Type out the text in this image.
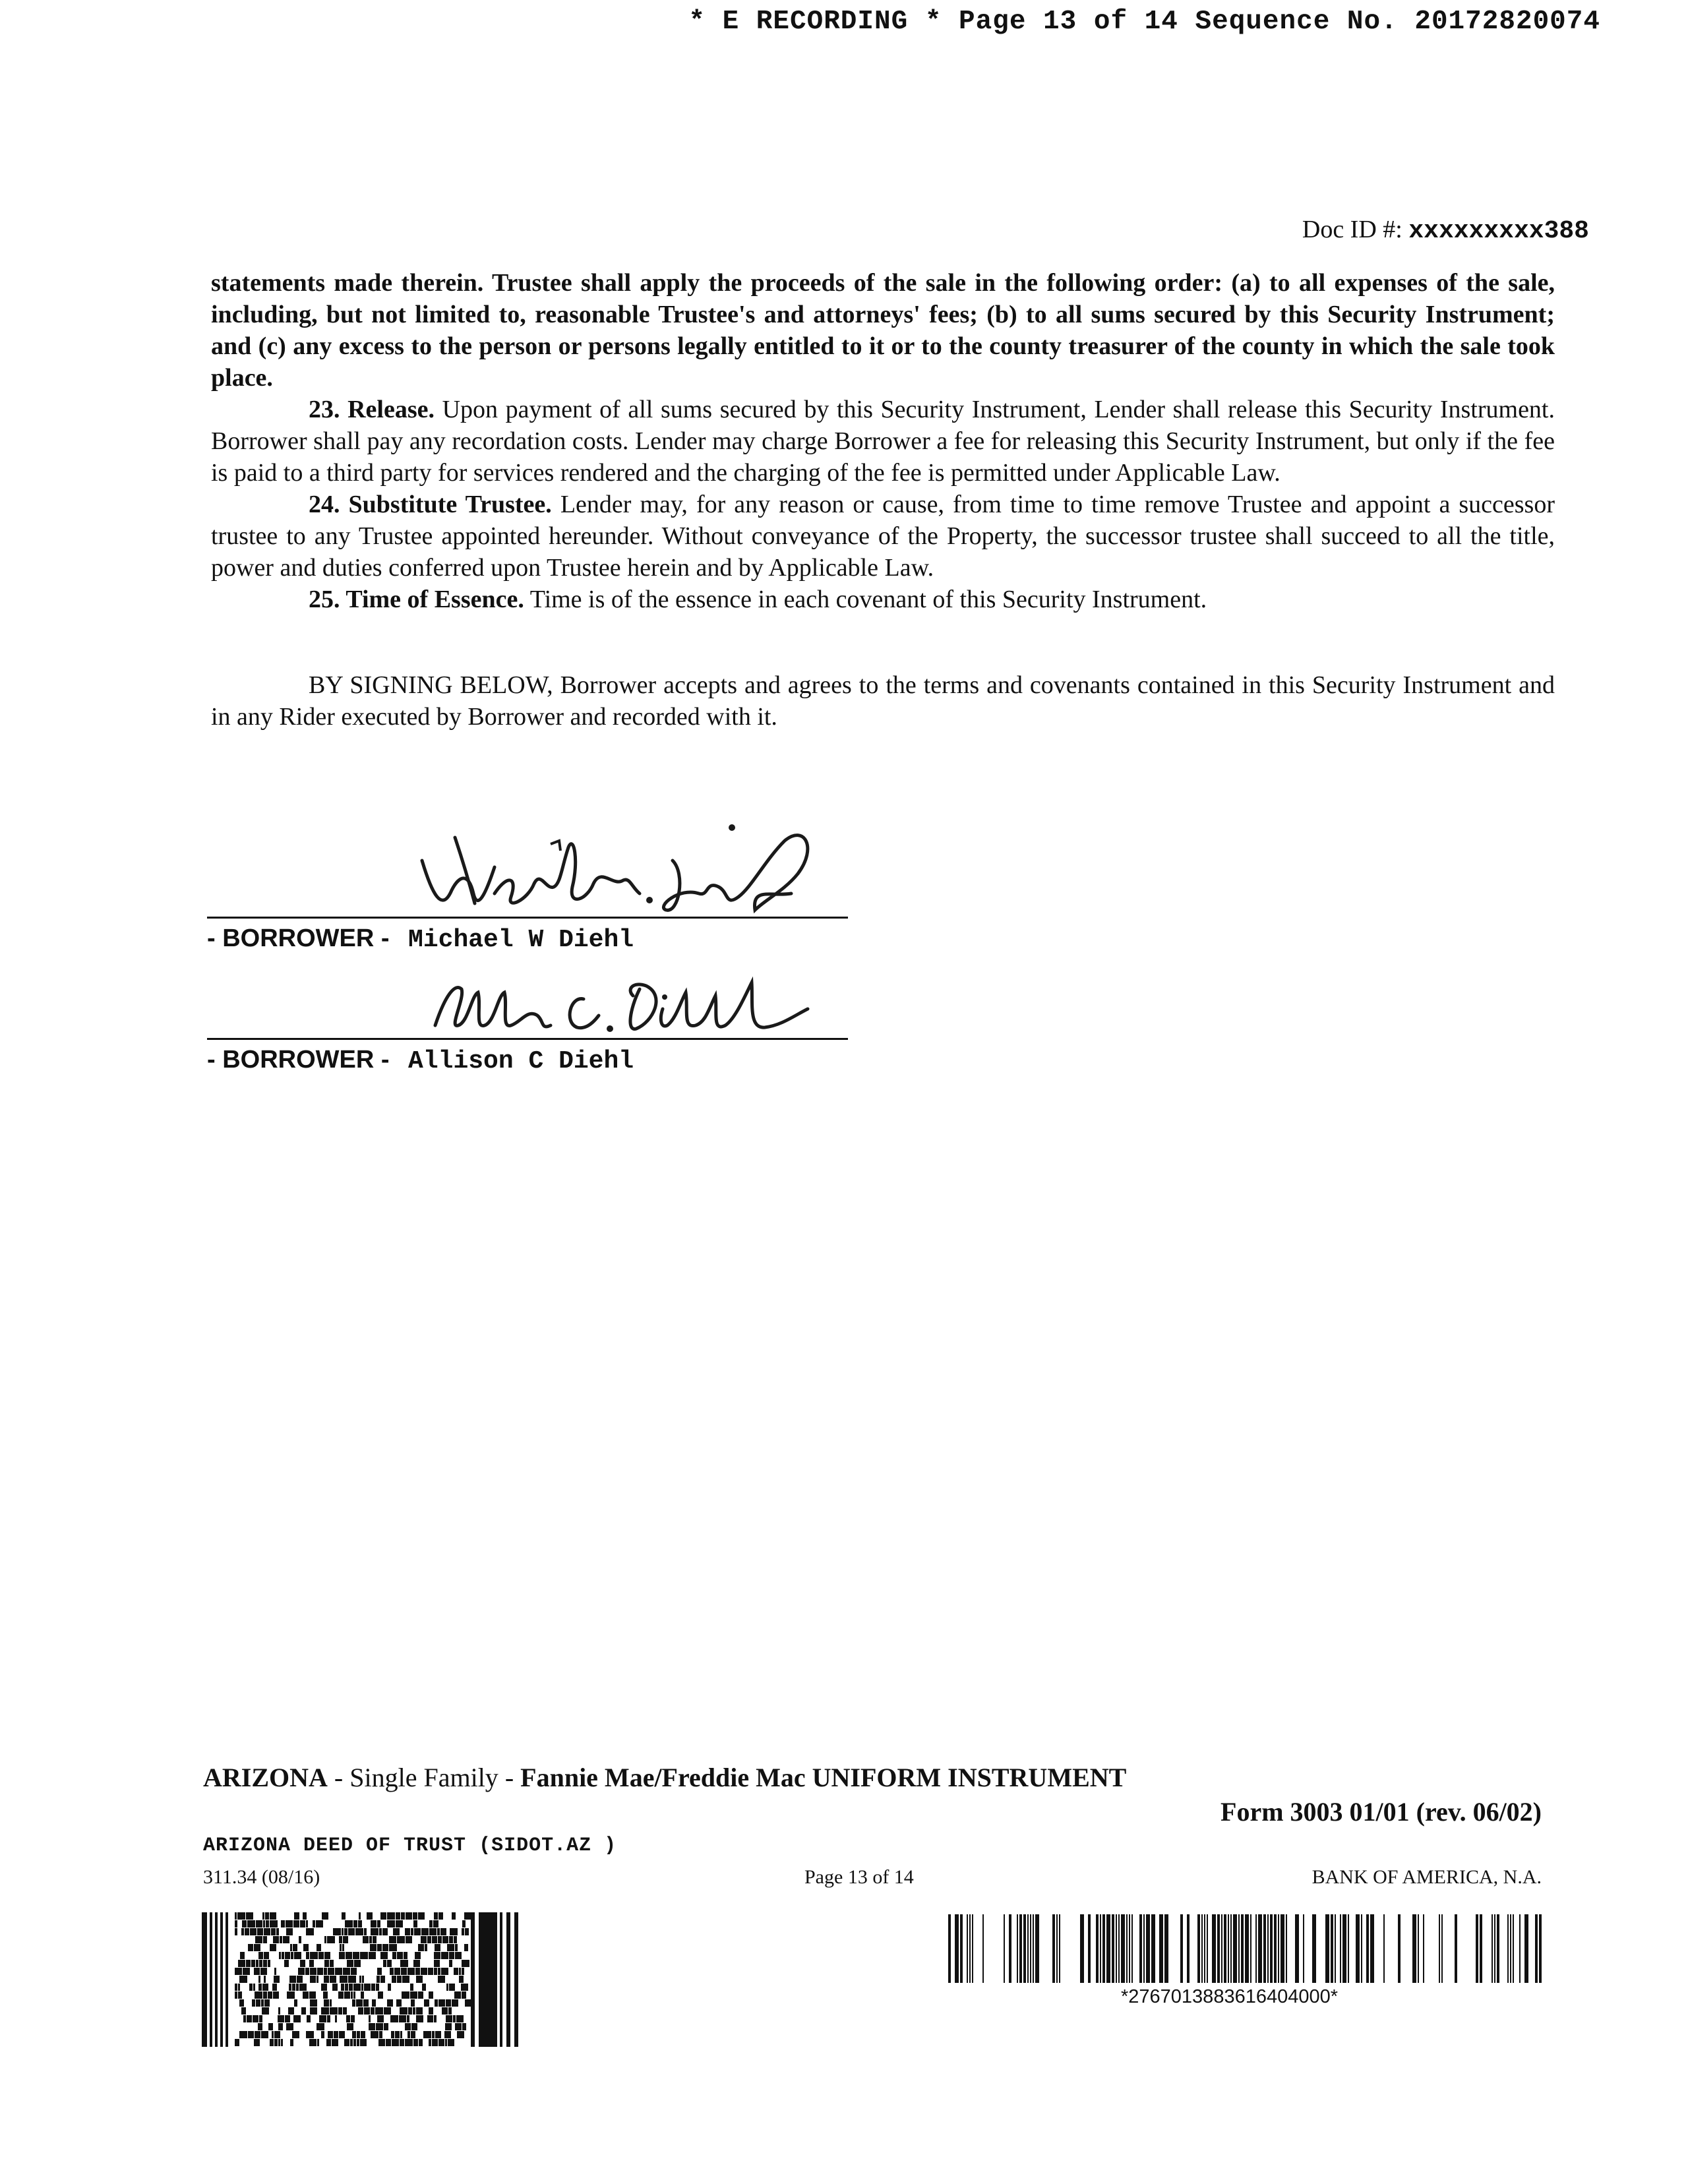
* E RECORDING * Page 13 of 14 Sequence No. 20172820074
Doc ID #: xxxxxxxxx388

statements made therein. Trustee shall apply the proceeds of the sale in the following order: (a) to all expenses of the sale, including, but not limited to, reasonable Trustee's and attorneys' fees; (b) to all sums secured by this Security Instrument; and (c) any excess to the person or persons legally entitled to it or to the county treasurer of the county in which the sale took place.

23. Release. Upon payment of all sums secured by this Security Instrument, Lender shall release this Security Instrument. Borrower shall pay any recordation costs. Lender may charge Borrower a fee for releasing this Security Instrument, but only if the fee is paid to a third party for services rendered and the charging of the fee is permitted under Applicable Law.

24. Substitute Trustee. Lender may, for any reason or cause, from time to time remove Trustee and appoint a successor trustee to any Trustee appointed hereunder. Without conveyance of the Property, the successor trustee shall succeed to all the title, power and duties conferred upon Trustee herein and by Applicable Law.

25. Time of Essence. Time is of the essence in each covenant of this Security Instrument.

BY SIGNING BELOW, Borrower accepts and agrees to the terms and covenants contained in this Security Instrument and in any Rider executed by Borrower and recorded with it.

- BORROWER - Michael W Diehl
- BORROWER - Allison C Diehl
ARIZONA - Single Family - Fannie Mae/Freddie Mac UNIFORM INSTRUMENT
Form 3003 01/01 (rev. 06/02)
ARIZONA DEED OF TRUST (SIDOT.AZ )
311.34 (08/16)	Page 13 of 14	BANK OF AMERICA, N.A.
*2767013883616404000*
